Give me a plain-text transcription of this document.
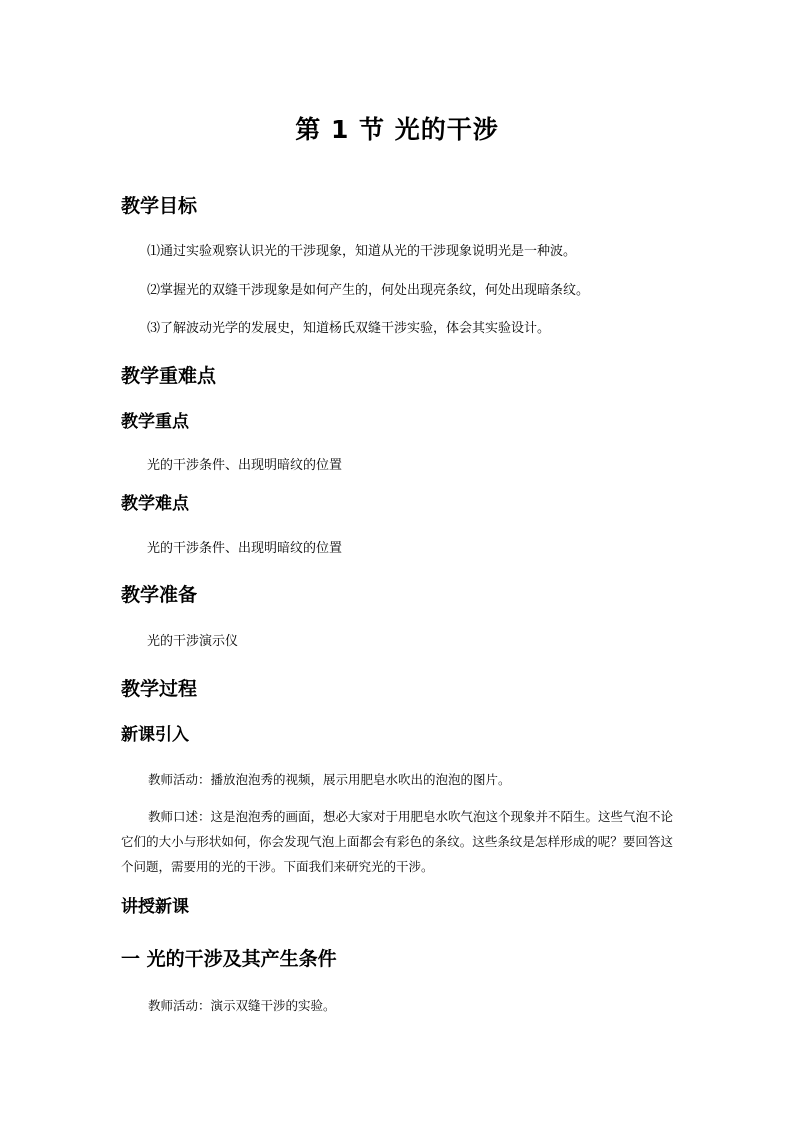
第 1 节 光的干涉
教学目标
⑴通过实验观察认识光的干涉现象，知道从光的干涉现象说明光是一种波。
⑵掌握光的双缝干涉现象是如何产生的，何处出现亮条纹，何处出现暗条纹。
⑶了解波动光学的发展史，知道杨氏双缝干涉实验，体会其实验设计。
教学重难点
教学重点
光的干涉条件、出现明暗纹的位置
教学难点
光的干涉条件、出现明暗纹的位置
教学准备
光的干涉演示仪
教学过程
新课引入

教师活动：播放泡泡秀的视频，展示用肥皂水吹出的泡泡的图片。

教师口述：这是泡泡秀的画面，想必大家对于用肥皂水吹气泡这个现象并不陌生。这些气泡不论它们的大小与形状如何，你会发现气泡上面都会有彩色的条纹。这些条纹是怎样形成的呢？要回答这个问题，需要用的光的干涉。下面我们来研究光的干涉。

讲授新课
一 光的干涉及其产生条件

教师活动：演示双缝干涉的实验。
